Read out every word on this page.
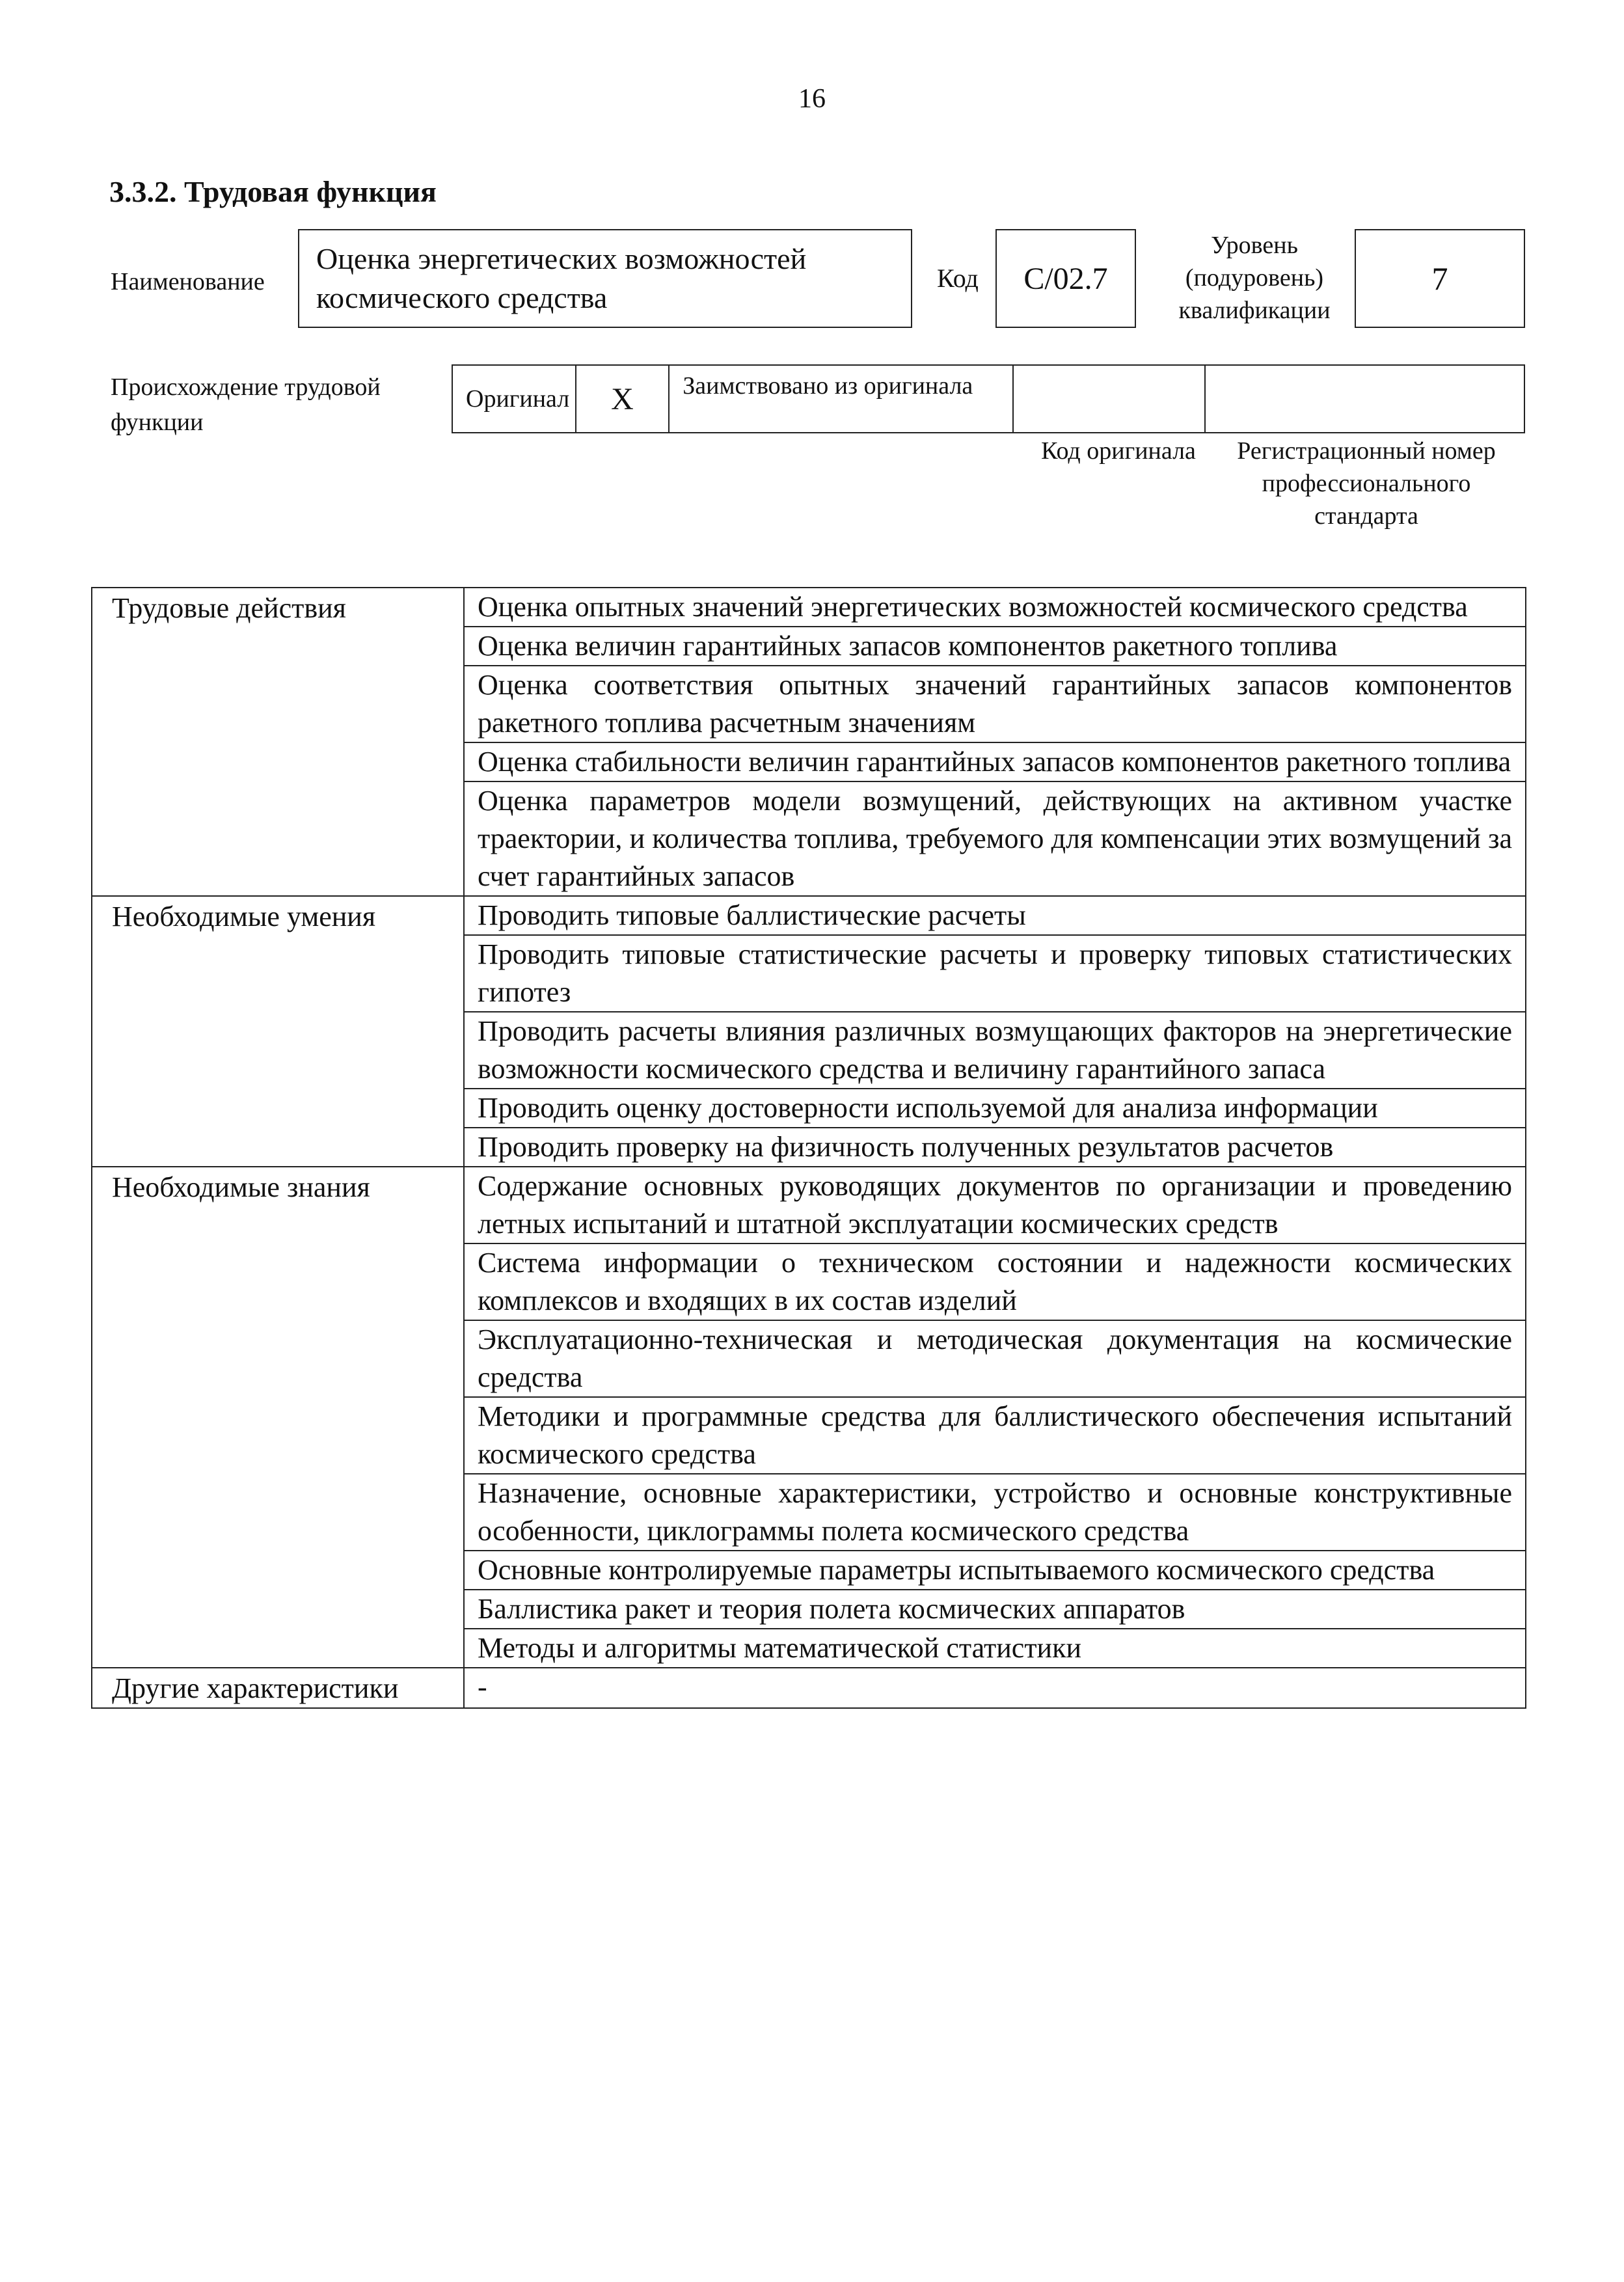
16
3.3.2. Трудовая функция
Наименование
Оценка энергетических возможностей космического средства
Код C/02.7
Уровень (подуровень) квалификации
7
Происхождение трудовой функции
Оригинал	X	Заимствовано из оригинала
Код оригинала	Регистрационный номер профессионального стандарта
Трудовые действия	Оценка опытных значений энергетических возможностей космического средства
	Оценка величин гарантийных запасов компонентов ракетного топлива
	Оценка соответствия опытных значений гарантийных запасов компонентов ракетного топлива расчетным значениям
	Оценка стабильности величин гарантийных запасов компонентов ракетного топлива
	Оценка параметров модели возмущений, действующих на активном участке траектории, и количества топлива, требуемого для компенсации этих возмущений за счет гарантийных запасов
Необходимые умения	Проводить типовые баллистические расчеты
	Проводить типовые статистические расчеты и проверку типовых статистических гипотез
	Проводить расчеты влияния различных возмущающих факторов на энергетические возможности космического средства и величину гарантийного запаса
	Проводить оценку достоверности используемой для анализа информации
	Проводить проверку на физичность полученных результатов расчетов
Необходимые знания	Содержание основных руководящих документов по организации и проведению летных испытаний и штатной эксплуатации космических средств
	Система информации о техническом состоянии и надежности космических комплексов и входящих в их состав изделий
	Эксплуатационно-техническая и методическая документация на космические средства
	Методики и программные средства для баллистического обеспечения испытаний космического средства
	Назначение, основные характеристики, устройство и основные конструктивные особенности, циклограммы полета космического средства
	Основные контролируемые параметры испытываемого космического средства
	Баллистика ракет и теория полета космических аппаратов
	Методы и алгоритмы математической статистики
Другие характеристики	-
